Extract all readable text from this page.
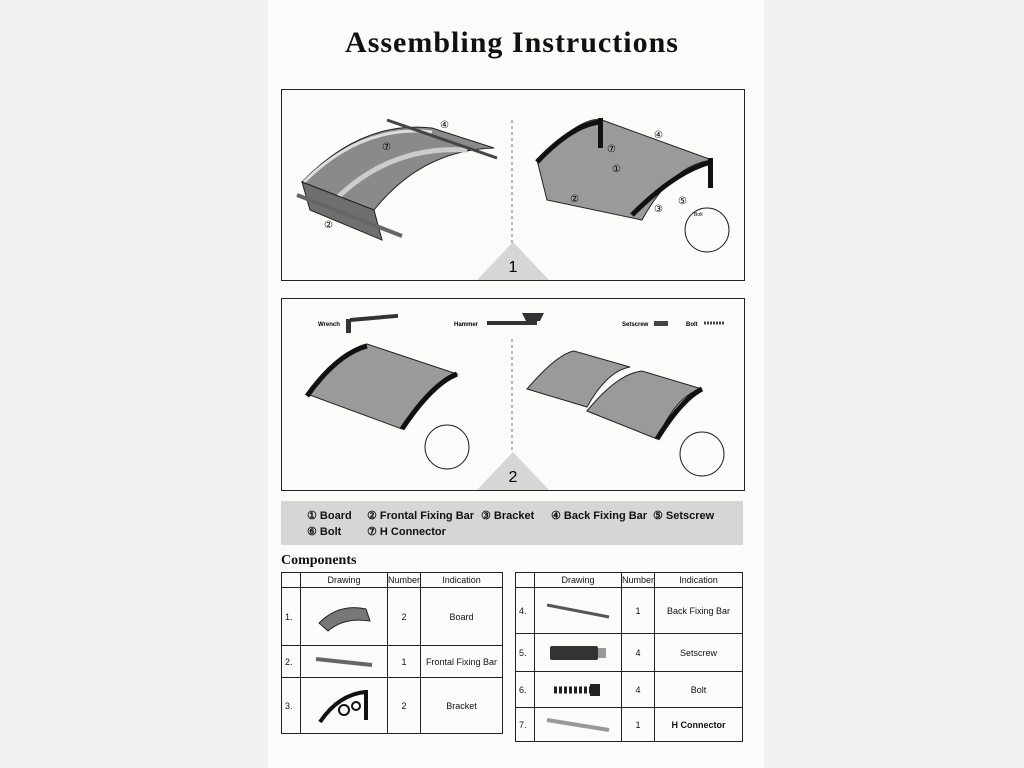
Assembling Instructions
④
⑦
②
④
⑦
①
②
③
⑤
Bolt
1
Wrench	Hammer	Setscrew	Bolt
2
① Board ② Frontal Fixing Bar ③ Bracket ④ Back Fixing Bar ⑤ Setscrew
⑥ Bolt ⑦ H Connector
Components
	Drawing	Number	Indication
1.		2	Board
2.		1	Frontal Fixing Bar
3.		2	Bracket
	Drawing	Number	Indication
4.		1	Back Fixing Bar
5.		4	Setscrew
6.		4	Bolt
7.		1	H Connector
